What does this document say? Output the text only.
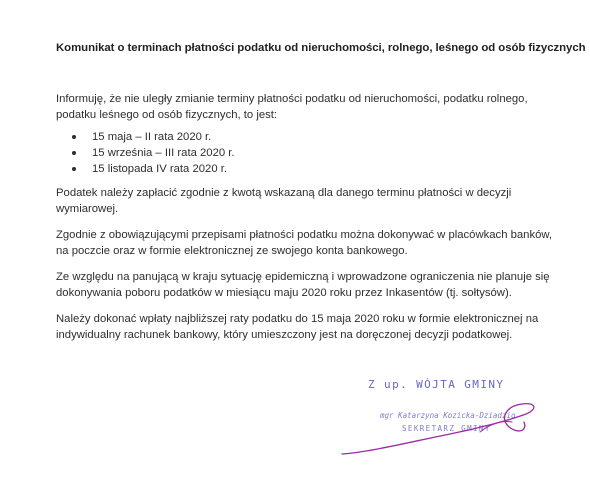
Komunikat o terminach płatności podatku od nieruchomości, rolnego, leśnego od osób fizycznych

Informuję, że nie uległy zmianie terminy płatności podatku od nieruchomości, podatku rolnego, podatku leśnego od osób fizycznych, to jest:

15 maja – II rata 2020 r.
15 września – III rata 2020 r.
15 listopada IV rata 2020 r.

Podatek należy zapłacić zgodnie z kwotą wskazaną dla danego terminu płatności w decyzji wymiarowej.

Zgodnie z obowiązującymi przepisami płatności podatku można dokonywać w placówkach banków, na poczcie oraz w formie elektronicznej ze swojego konta bankowego.

Ze względu na panującą w kraju sytuację epidemiczną i wprowadzone ograniczenia nie planuje się dokonywania poboru podatków w miesiącu maju 2020 roku przez Inkasentów (tj. sołtysów).

Należy dokonać wpłaty najbliższej raty podatku do 15 maja 2020 roku w formie elektronicznej na indywidualny rachunek bankowy, który umieszczony jest na doręczonej decyzji podatkowej.

Z up. WÓJTA GMINY
mgr Katarzyna Kozicka-Dziadzio
SEKRETARZ GMINY
